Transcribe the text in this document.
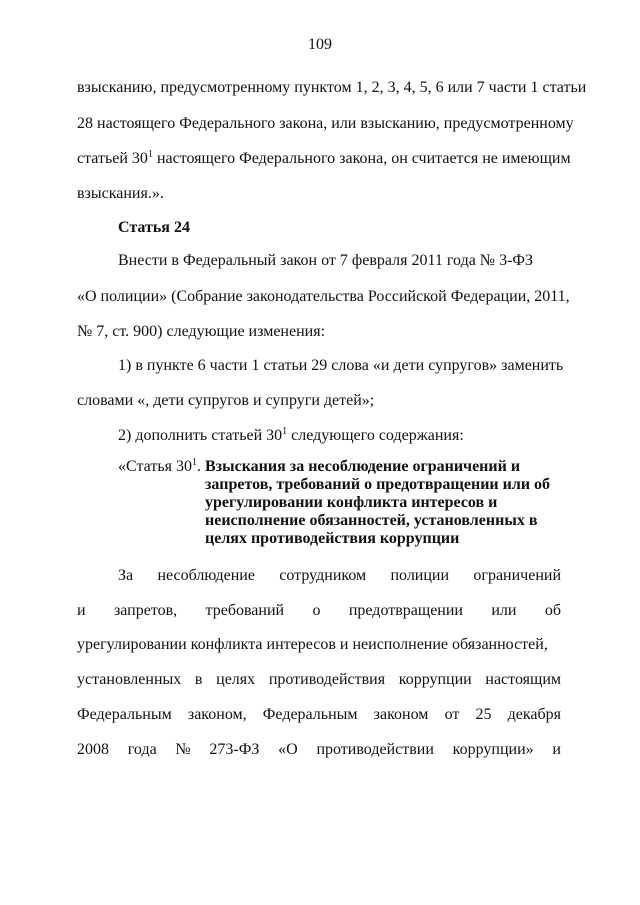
109
взысканию, предусмотренному пунктом 1, 2, 3, 4, 5, 6 или 7 части 1 статьи
28 настоящего Федерального закона, или взысканию, предусмотренному
статьей $30^1$ настоящего Федерального закона, он считается не имеющим
взыскания.».
Статья 24
Внести в Федеральный закон от 7 февраля 2011 года № 3-ФЗ
«О полиции» (Собрание законодательства Российской Федерации, 2011,
№ 7, ст. 900) следующие изменения:
1) в пункте 6 части 1 статьи 29 слова «и дети супругов» заменить
словами «, дети супругов и супруги детей»;
2) дополнить статьей $30^1$ следующего содержания:
«Статья $30^1$. Взыскания за несоблюдение ограничений и запретов, требований о предотвращении или об урегулировании конфликта интересов и неисполнение обязанностей, установленных в целях противодействия коррупции
За несоблюдение сотрудником полиции ограничений
и запретов, требований о предотвращении или об
урегулировании конфликта интересов и неисполнение обязанностей,
установленных в целях противодействия коррупции настоящим
Федеральным законом, Федеральным законом от 25 декабря
2008 года № 273-ФЗ «О противодействии коррупции» и
